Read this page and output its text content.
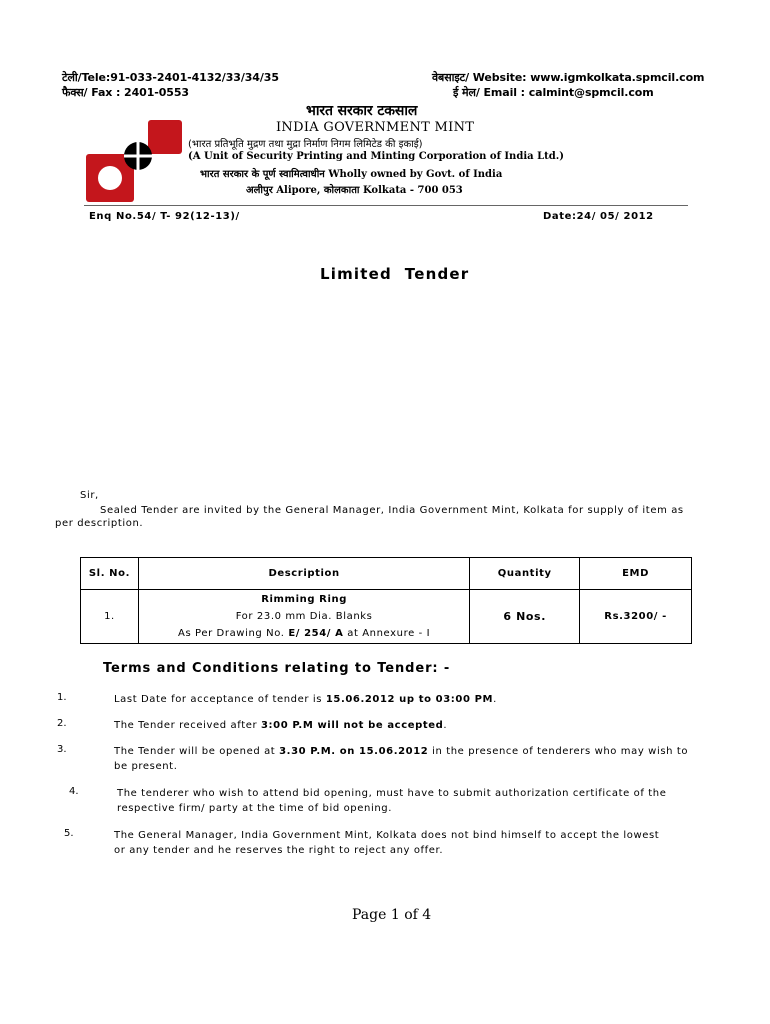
टेली/Tele:91-033-2401-4132/33/34/35
फैक्स/ Fax : 2401-0553
वेबसाइट/ Website: www.igmkolkata.spmcil.com
ई मेल/ Email : calmint@spmcil.com
भारत सरकार टकसाल
INDIA GOVERNMENT MINT
(भारत प्रतिभूति मुद्रण तथा मुद्रा निर्माण निगम लिमिटेड की इकाई)
(A Unit of Security Printing and Minting Corporation of India Ltd.)
भारत सरकार के पूर्ण स्वामित्वाधीन Wholly owned by Govt. of India
अलीपुर Alipore, कोलकाता Kolkata - 700 053
Enq No.54/ T- 92(12-13)/	Date:24/ 05/ 2012
Limited  Tender
Sir,
Sealed Tender are invited by the General Manager, India Government Mint, Kolkata for supply of item as
per description.
Sl. No.	Description	Quantity	EMD
1.	Rimming Ring
For 23.0 mm Dia. Blanks
As Per Drawing No. E/ 254/ A at Annexure - I	6 Nos.	Rs.3200/ -
Terms and Conditions relating to Tender: -
1.	Last Date for acceptance of tender is 15.06.2012 up to 03:00 PM.
2.	The Tender received after 3:00 P.M will not be accepted.
3.	The Tender will be opened at 3.30 P.M. on 15.06.2012 in the presence of tenderers who may wish to
be present.
4.	The tenderer who wish to attend bid opening, must have to submit authorization certificate of the
respective firm/ party at the time of bid opening.
5.	The General Manager, India Government Mint, Kolkata does not bind himself to accept the lowest
or any tender and he reserves the right to reject any offer.
Page 1 of 4
